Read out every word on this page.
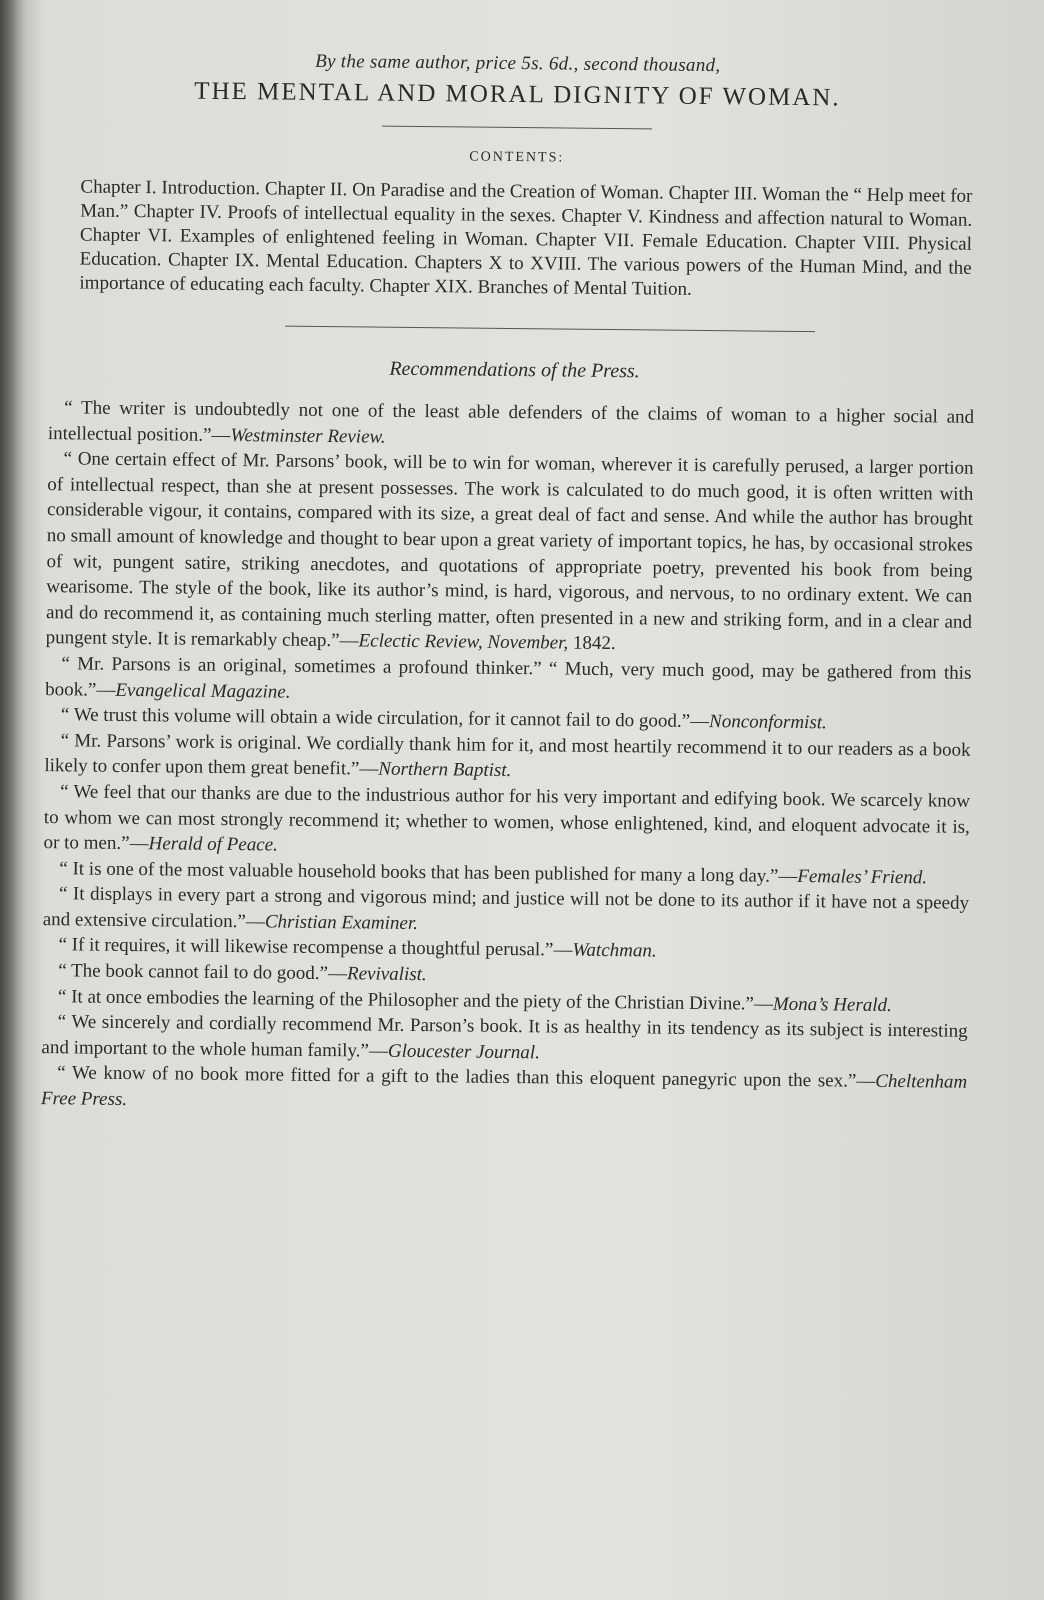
By the same author, price 5s. 6d., second thousand,

THE MENTAL AND MORAL DIGNITY OF WOMAN.

CONTENTS:

Chapter I. Introduction. Chapter II. On Paradise and the Creation of Woman. Chapter III. Woman the “ Help meet for Man.” Chapter IV. Proofs of intellectual equality in the sexes. Chapter V. Kindness and affection natural to Woman. Chapter VI. Examples of enlightened feeling in Woman. Chapter VII. Female Education. Chapter VIII. Physical Education. Chapter IX. Mental Education. Chapters X to XVIII. The various powers of the Human Mind, and the importance of educating each faculty. Chapter XIX. Branches of Mental Tuition.

Recommendations of the Press.

“ The writer is undoubtedly not one of the least able defenders of the claims of woman to a higher social and intellectual position.”—Westminster Review.

“ One certain effect of Mr. Parsons’ book, will be to win for woman, wherever it is carefully perused, a larger portion of intellectual respect, than she at present possesses. The work is calculated to do much good, it is often written with considerable vigour, it contains, compared with its size, a great deal of fact and sense. And while the author has brought no small amount of knowledge and thought to bear upon a great variety of important topics, he has, by occasional strokes of wit, pungent satire, striking anecdotes, and quotations of appropriate poetry, prevented his book from being wearisome. The style of the book, like its author’s mind, is hard, vigorous, and nervous, to no ordinary extent. We can and do recommend it, as containing much sterling matter, often presented in a new and striking form, and in a clear and pungent style. It is remarkably cheap.”—Eclectic Review, November, 1842.

“ Mr. Parsons is an original, sometimes a profound thinker.” “ Much, very much good, may be gathered from this book.”—Evangelical Magazine.

“ We trust this volume will obtain a wide circulation, for it cannot fail to do good.”—Nonconformist.

“ Mr. Parsons’ work is original. We cordially thank him for it, and most heartily recommend it to our readers as a book likely to confer upon them great benefit.”—Northern Baptist.

“ We feel that our thanks are due to the industrious author for his very important and edifying book. We scarcely know to whom we can most strongly recommend it; whether to women, whose enlightened, kind, and eloquent advocate it is, or to men.”—Herald of Peace.

“ It is one of the most valuable household books that has been published for many a long day.”—Females’ Friend.

“ It displays in every part a strong and vigorous mind; and justice will not be done to its author if it have not a speedy and extensive circulation.”—Christian Examiner.

“ If it requires, it will likewise recompense a thoughtful perusal.”—Watchman.

“ The book cannot fail to do good.”—Revivalist.

“ It at once embodies the learning of the Philosopher and the piety of the Christian Divine.”—Mona’s Herald.

“ We sincerely and cordially recommend Mr. Parson’s book. It is as healthy in its tendency as its subject is interesting and important to the whole human family.”—Gloucester Journal.

“ We know of no book more fitted for a gift to the ladies than this eloquent panegyric upon the sex.”—Cheltenham Free Press.
